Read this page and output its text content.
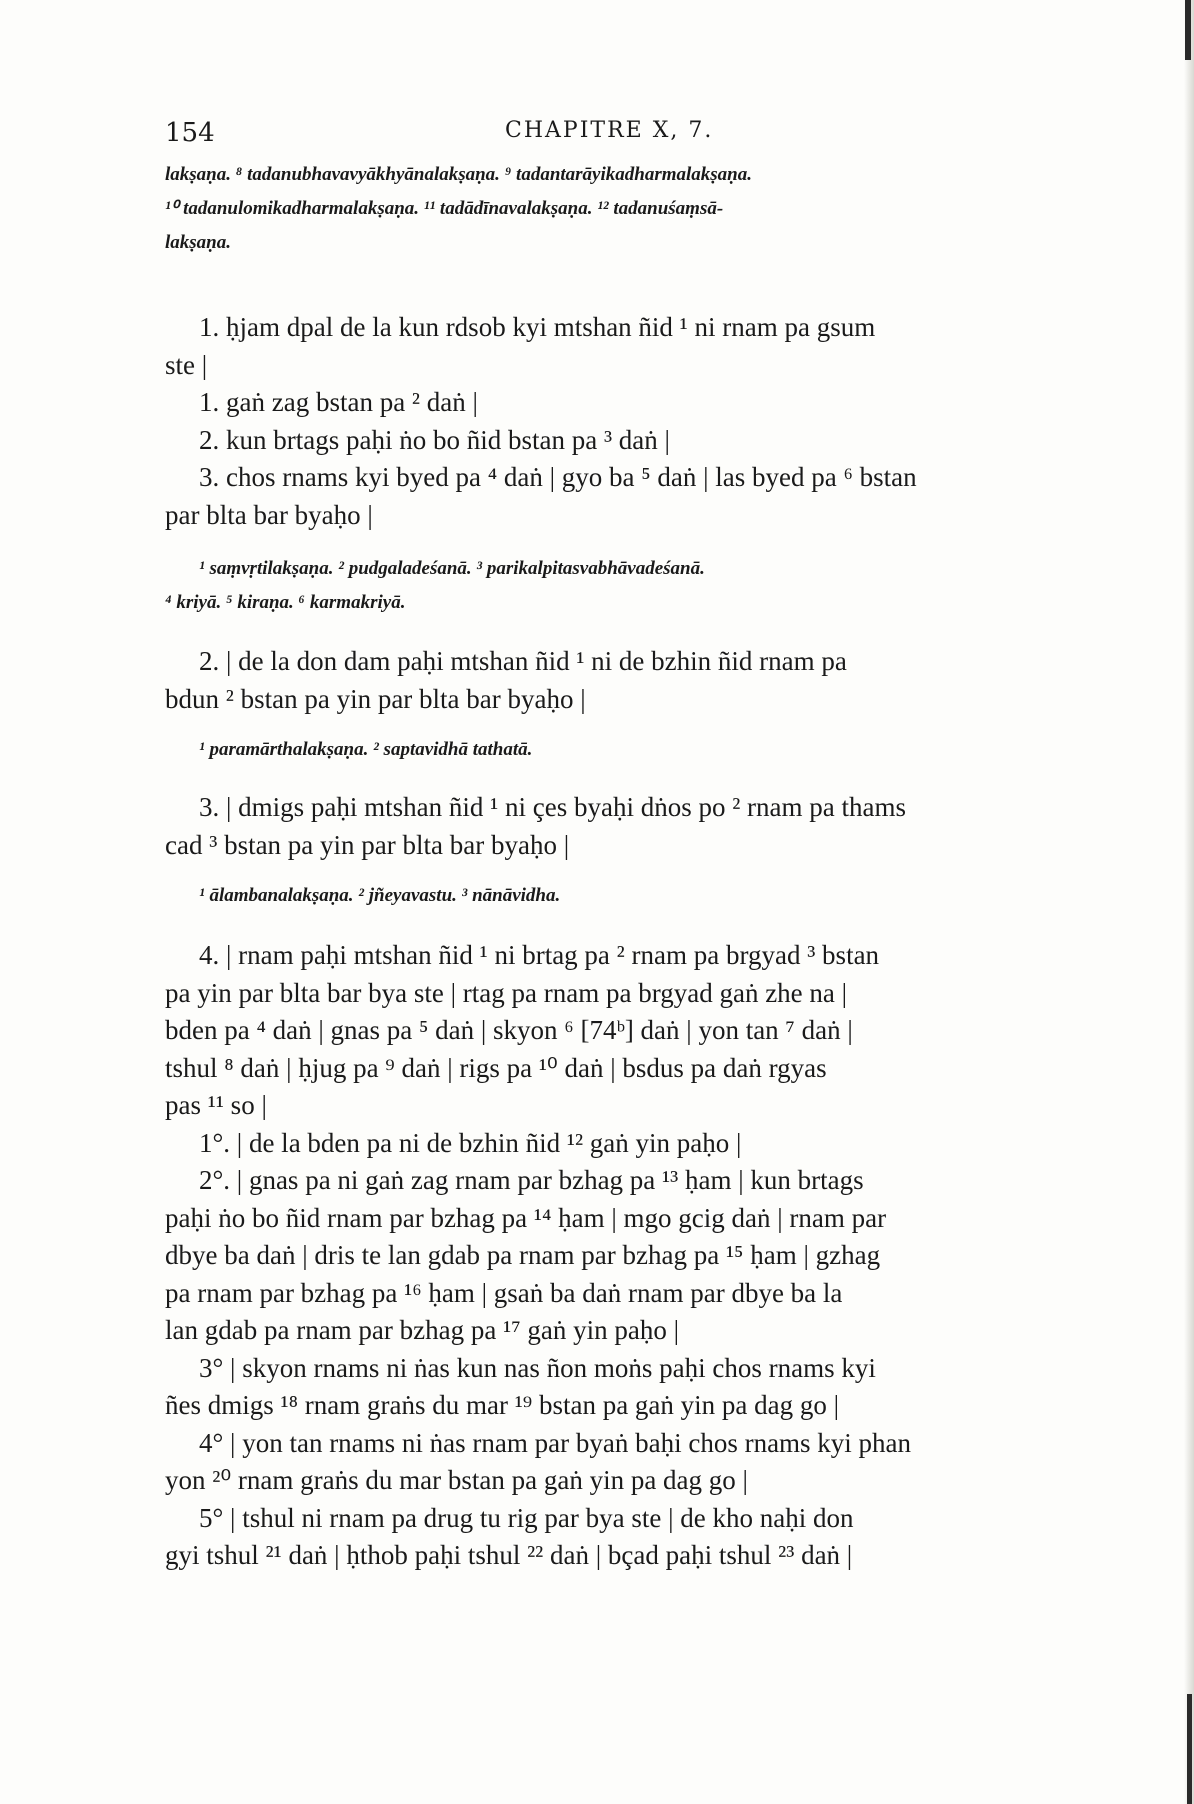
154	CHAPITRE X, 7.
lakṣaṇa. ⁸ tadanubhavavyākhyānalakṣaṇa. ⁹ tadantarāyikadharmalakṣaṇa.
¹⁰ tadanulomikadharmalakṣaṇa. ¹¹ tadādīnavalakṣaṇa. ¹² tadanuśaṃsā-
lakṣaṇa.
1. ḥjam dpal de la kun rdsob kyi mtshan ñid ¹ ni rnam pa gsum
ste |
1. gaṅ zag bstan pa ² daṅ |
2. kun brtags paḥi ṅo bo ñid bstan pa ³ daṅ |
3. chos rnams kyi byed pa ⁴ daṅ | gyo ba ⁵ daṅ | las byed pa ⁶ bstan
par blta bar byaḥo |
¹ saṃvṛtilakṣaṇa. ² pudgaladeśanā. ³ parikalpitasvabhāvadeśanā.
⁴ kriyā. ⁵ kiraṇa. ⁶ karmakriyā.
2. | de la don dam paḥi mtshan ñid ¹ ni de bzhin ñid rnam pa
bdun ² bstan pa yin par blta bar byaḥo |
¹ paramārthalakṣaṇa. ² saptavidhā tathatā.
3. | dmigs paḥi mtshan ñid ¹ ni çes byaḥi dṅos po ² rnam pa thams
cad ³ bstan pa yin par blta bar byaḥo |
¹ ālambanalakṣaṇa. ² jñeyavastu. ³ nānāvidha.
4. | rnam paḥi mtshan ñid ¹ ni brtag pa ² rnam pa brgyad ³ bstan
pa yin par blta bar bya ste | rtag pa rnam pa brgyad gaṅ zhe na |
bden pa ⁴ daṅ | gnas pa ⁵ daṅ | skyon ⁶ [74ᵇ] daṅ | yon tan ⁷ daṅ |
tshul ⁸ daṅ | ḥjug pa ⁹ daṅ | rigs pa ¹⁰ daṅ | bsdus pa daṅ rgyas
pas ¹¹ so |
1°. | de la bden pa ni de bzhin ñid ¹² gaṅ yin paḥo |
2°. | gnas pa ni gaṅ zag rnam par bzhag pa ¹³ ḥam | kun brtags
paḥi ṅo bo ñid rnam par bzhag pa ¹⁴ ḥam | mgo gcig daṅ | rnam par
dbye ba daṅ | dris te lan gdab pa rnam par bzhag pa ¹⁵ ḥam | gzhag
pa rnam par bzhag pa ¹⁶ ḥam | gsaṅ ba daṅ rnam par dbye ba la
lan gdab pa rnam par bzhag pa ¹⁷ gaṅ yin paḥo |
3° | skyon rnams ni ṅas kun nas ñon moṅs paḥi chos rnams kyi
ñes dmigs ¹⁸ rnam graṅs du mar ¹⁹ bstan pa gaṅ yin pa dag go |
4° | yon tan rnams ni ṅas rnam par byaṅ baḥi chos rnams kyi phan
yon ²⁰ rnam graṅs du mar bstan pa gaṅ yin pa dag go |
5° | tshul ni rnam pa drug tu rig par bya ste | de kho naḥi don
gyi tshul ²¹ daṅ | ḥthob paḥi tshul ²² daṅ | bçad paḥi tshul ²³ daṅ |
